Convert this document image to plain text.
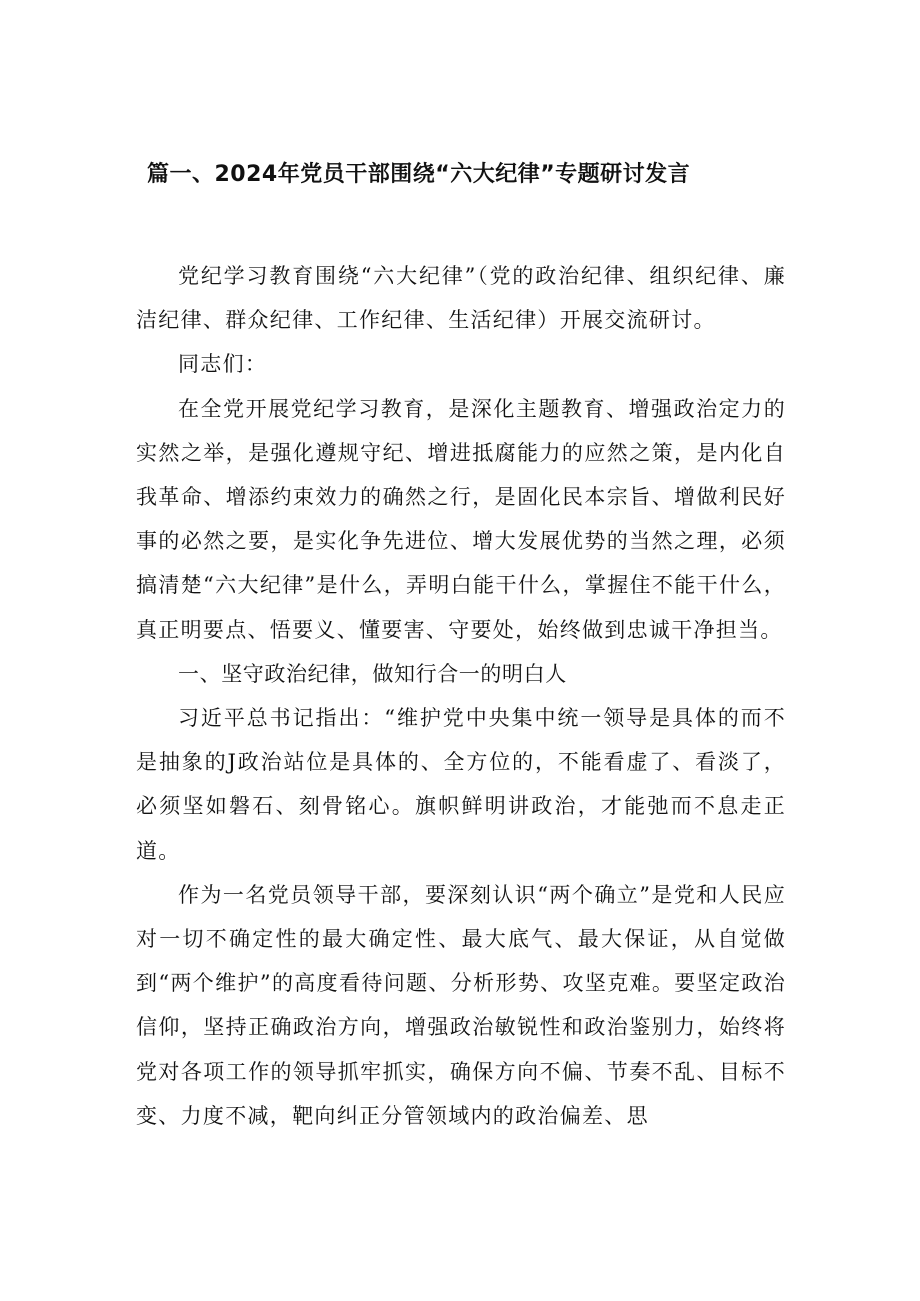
篇一、2024年党员干部围绕“六大纪律”专题研讨发言

党纪学习教育围绕“六大纪律”（党的政治纪律、组织纪律、廉洁纪律、群众纪律、工作纪律、生活纪律）开展交流研讨。

同志们：

在全党开展党纪学习教育，是深化主题教育、增强政治定力的实然之举，是强化遵规守纪、增进抵腐能力的应然之策，是内化自我革命、增添约束效力的确然之行，是固化民本宗旨、增做利民好事的必然之要，是实化争先进位、增大发展优势的当然之理，必须搞清楚“六大纪律”是什么，弄明白能干什么，掌握住不能干什么，真正明要点、悟要义、懂要害、守要处，始终做到忠诚干净担当。

一、坚守政治纪律，做知行合一的明白人

习近平总书记指出：“维护党中央集中统一领导是具体的而不是抽象的J政治站位是具体的、全方位的，不能看虚了、看淡了，必须坚如磐石、刻骨铭心。旗帜鲜明讲政治，才能弛而不息走正道。

作为一名党员领导干部，要深刻认识“两个确立”是党和人民应对一切不确定性的最大确定性、最大底气、最大保证，从自觉做到“两个维护”的高度看待问题、分析形势、攻坚克难。要坚定政治信仰，坚持正确政治方向，增强政治敏锐性和政治鉴别力，始终将党对各项工作的领导抓牢抓实，确保方向不偏、节奏不乱、目标不变、力度不减，靶向纠正分管领域内的政治偏差、思
